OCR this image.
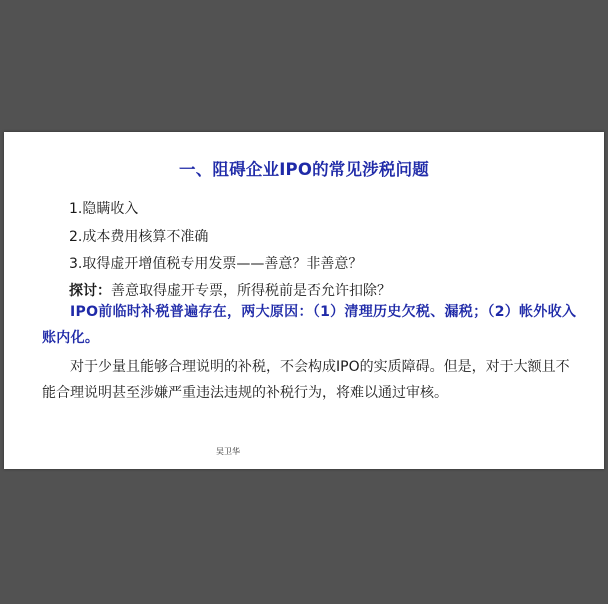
一、阻碍企业IPO的常见涉税问题
1.隐瞒收入
2.成本费用核算不准确
3.取得虚开增值税专用发票——善意？非善意？
探讨：善意取得虚开专票，所得税前是否允许扣除？
IPO前临时补税普遍存在，两大原因：（1）清理历史欠税、漏税；（2）帐外收入账内化。
对于少量且能够合理说明的补税，不会构成IPO的实质障碍。但是，对于大额且不能合理说明甚至涉嫌严重违法违规的补税行为，将难以通过审核。
吴卫华
